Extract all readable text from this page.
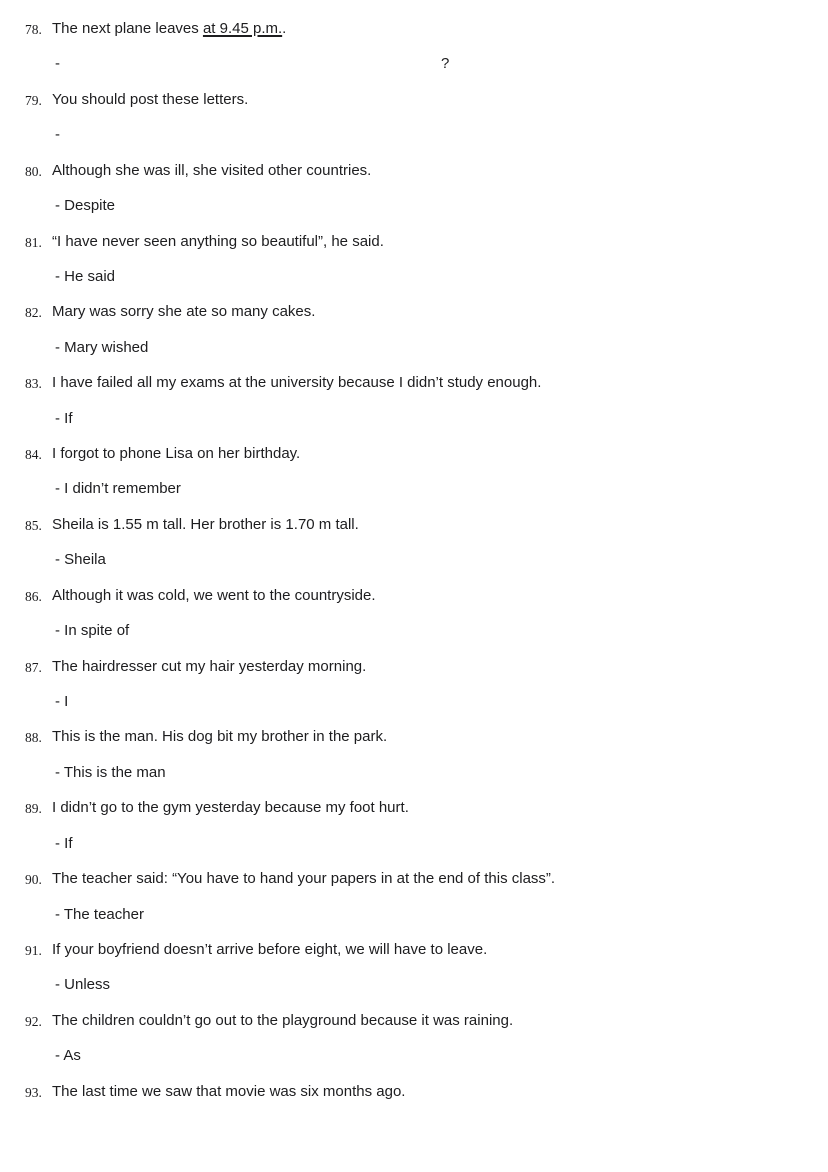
78. The next plane leaves at 9.45 p.m..
-	?
79. You should post these letters.
-
80. Although she was ill, she visited other countries.
- Despite
81. “I have never seen anything so beautiful”, he said.
- He said
82. Mary was sorry she ate so many cakes.
- Mary wished
83. I have failed all my exams at the university because I didn’t study enough.
- If
84. I forgot to phone Lisa on her birthday.
- I didn’t remember
85. Sheila is 1.55 m tall. Her brother is 1.70 m tall.
- Sheila
86. Although it was cold, we went to the countryside.
- In spite of
87. The hairdresser cut my hair yesterday morning.
- I
88. This is the man. His dog bit my brother in the park.
- This is the man
89. I didn’t go to the gym yesterday because my foot hurt.
- If
90. The teacher said: “You have to hand your papers in at the end of this class”.
- The teacher
91. If your boyfriend doesn’t arrive before eight, we will have to leave.
- Unless
92. The children couldn’t go out to the playground because it was raining.
- As
93. The last time we saw that movie was six months ago.
